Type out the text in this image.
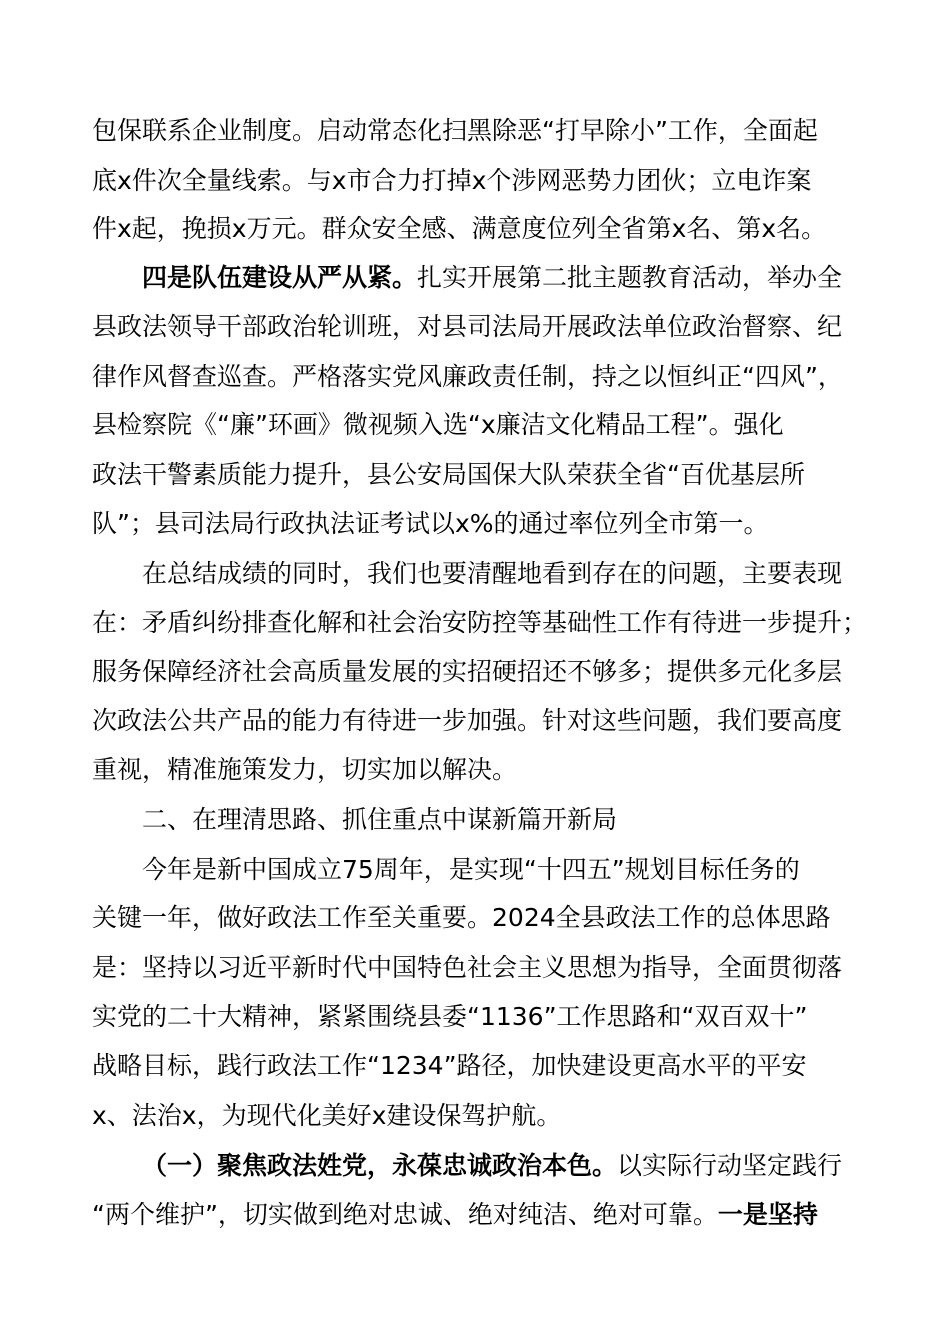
包保联系企业制度。启动常态化扫黑除恶“打早除小”工作，全面起
底x件次全量线索。与x市合力打掉x个涉网恶势力团伙；立电诈案
件x起，挽损x万元。群众安全感、满意度位列全省第x名、第x名。
四是队伍建设从严从紧。扎实开展第二批主题教育活动，举办全
县政法领导干部政治轮训班，对县司法局开展政法单位政治督察、纪
律作风督查巡查。严格落实党风廉政责任制，持之以恒纠正“四风”，
县检察院《“廉”环画》微视频入选“x廉洁文化精品工程”。强化
政法干警素质能力提升，县公安局国保大队荣获全省“百优基层所
队”；县司法局行政执法证考试以x%的通过率位列全市第一。
在总结成绩的同时，我们也要清醒地看到存在的问题，主要表现
在：矛盾纠纷排查化解和社会治安防控等基础性工作有待进一步提升；
服务保障经济社会高质量发展的实招硬招还不够多；提供多元化多层
次政法公共产品的能力有待进一步加强。针对这些问题，我们要高度
重视，精准施策发力，切实加以解决。
二、在理清思路、抓住重点中谋新篇开新局
今年是新中国成立75周年，是实现“十四五”规划目标任务的
关键一年，做好政法工作至关重要。2024全县政法工作的总体思路
是：坚持以习近平新时代中国特色社会主义思想为指导，全面贯彻落
实党的二十大精神，紧紧围绕县委“1136”工作思路和“双百双十”
战略目标，践行政法工作“1234”路径，加快建设更高水平的平安
x、法治x，为现代化美好x建设保驾护航。
（一）聚焦政法姓党，永葆忠诚政治本色。以实际行动坚定践行
“两个维护”，切实做到绝对忠诚、绝对纯洁、绝对可靠。一是坚持
